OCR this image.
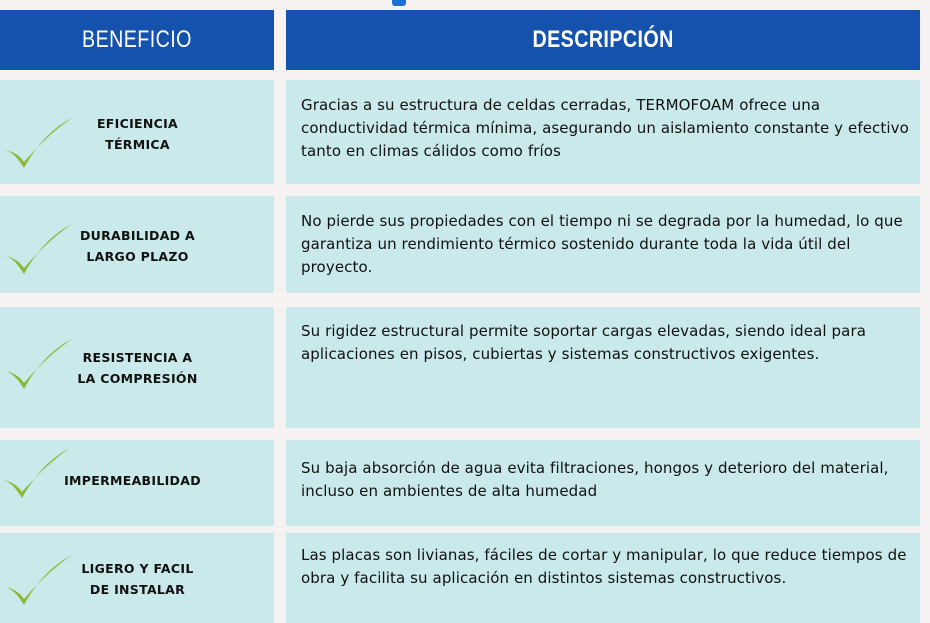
BENEFICIO	DESCRIPCIÓN
EFICIENCIA
TÉRMICA
Gracias a su estructura de celdas cerradas, TERMOFOAM ofrece una conductividad térmica mínima, asegurando un aislamiento constante y efectivo tanto en climas cálidos como fríos
DURABILIDAD A
LARGO PLAZO
No pierde sus propiedades con el tiempo ni se degrada por la humedad, lo que garantiza un rendimiento térmico sostenido durante toda la vida útil del proyecto.
RESISTENCIA A
LA COMPRESIÓN
Su rigidez estructural permite soportar cargas elevadas, siendo ideal para aplicaciones en pisos, cubiertas y sistemas constructivos exigentes.
IMPERMEABILIDAD
Su baja absorción de agua evita filtraciones, hongos y deterioro del material, incluso en ambientes de alta humedad
LIGERO Y FACIL
DE INSTALAR
Las placas son livianas, fáciles de cortar y manipular, lo que reduce tiempos de obra y facilita su aplicación en distintos sistemas constructivos.
